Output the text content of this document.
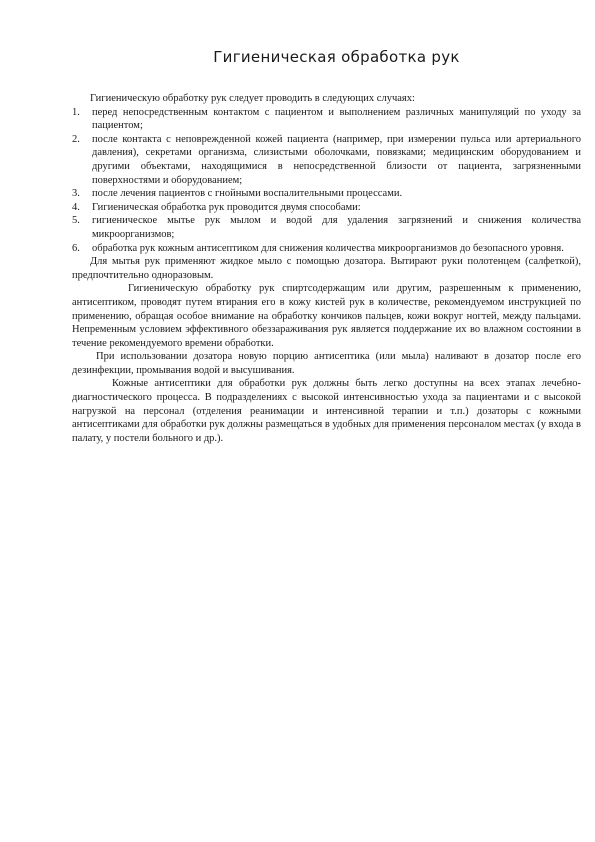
Гигиеническая обработка рук

Гигиеническую обработку рук следует проводить в следующих случаях:

1. перед непосредственным контактом с пациентом и выполнением различных манипуляций по уходу за пациентом;
2. после контакта с неповрежденной кожей пациента (например, при измерении пульса или артериального давления), секретами организма, слизистыми оболочками, повязками; медицинским оборудованием и другими объектами, находящимися в непосредственной близости от пациента, загрязненными поверхностями и оборудованием;
3. после лечения пациентов с гнойными воспалительными процессами.
4. Гигиеническая обработка рук проводится двумя способами:
5. гигиеническое мытье рук мылом и водой для удаления загрязнений и снижения количества микроорганизмов;
6. обработка рук кожным антисептиком для снижения количества микроорганизмов до безопасного уровня.

Для мытья рук применяют жидкое мыло с помощью дозатора. Вытирают руки полотенцем (салфеткой), предпочтительно одноразовым.

Гигиеническую обработку рук спиртсодержащим или другим, разрешенным к применению, антисептиком, проводят путем втирания его в кожу кистей рук в количестве, рекомендуемом инструкцией по применению, обращая особое внимание на обработку кончиков пальцев, кожи вокруг ногтей, между пальцами. Непременным условием эффективного обеззараживания рук является поддержание их во влажном состоянии в течение рекомендуемого времени обработки.

При использовании дозатора новую порцию антисептика (или мыла) наливают в дозатор после его дезинфекции, промывания водой и высушивания.

Кожные антисептики для обработки рук должны быть легко доступны на всех этапах лечебно-диагностического процесса. В подразделениях с высокой интенсивностью ухода за пациентами и с высокой нагрузкой на персонал (отделения реанимации и интенсивной терапии и т.п.) дозаторы с кожными антисептиками для обработки рук должны размещаться в удобных для применения персоналом местах (у входа в палату, у постели больного и др.).
